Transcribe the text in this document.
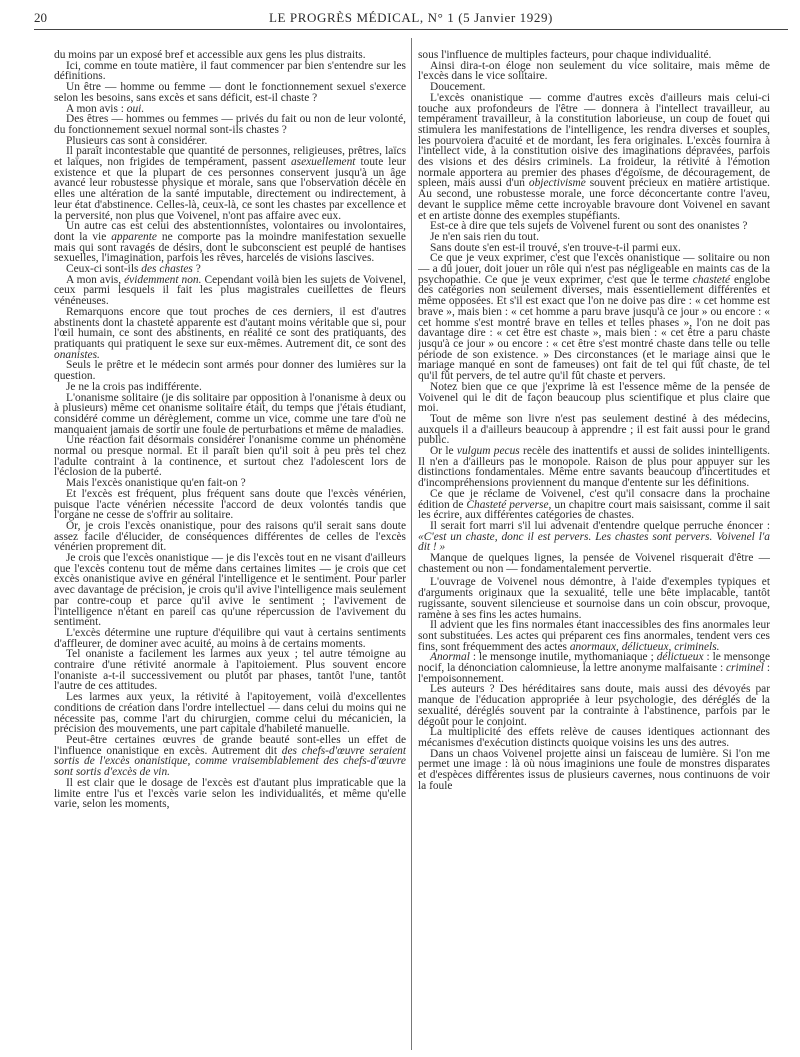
20	LE PROGRÈS MÉDICAL, N° 1 (5 Janvier 1929)

du moins par un exposé bref et accessible aux gens les plus distraits.

Ici, comme en toute matière, il faut commencer par bien s'entendre sur les définitions.

Un être — homme ou femme — dont le fonctionnement sexuel s'exerce selon les besoins, sans excès et sans déficit, est-il chaste ?

A mon avis : oui.

Des êtres — hommes ou femmes — privés du fait ou non de leur volonté, du fonctionnement sexuel normal sont-ils chastes ?

Plusieurs cas sont à considérer.

Il paraît incontestable que quantité de personnes, religieuses, prêtres, laïcs et laïques, non frigides de tempérament, passent asexuellement toute leur existence et que la plupart de ces personnes conservent jusqu'à un âge avancé leur robustesse physique et morale, sans que l'observation décèle en elles une altération de la santé imputable, directement ou indirectement, à leur état d'abstinence. Celles-là, ceux-là, ce sont les chastes par excellence et la perversité, non plus que Voivenel, n'ont pas affaire avec eux.

Un autre cas est celui des abstentionnistes, volontaires ou involontaires, dont la vie apparente ne comporte pas la moindre manifestation sexuelle mais qui sont ravagés de désirs, dont le subconscient est peuplé de hantises sexuelles, l'imagination, parfois les rêves, harcelés de visions lascives.

Ceux-ci sont-ils des chastes ?

A mon avis, évidemment non. Cependant voilà bien les sujets de Voivenel, ceux parmi lesquels il fait les plus magistrales cueillettes de fleurs vénéneuses.

Remarquons encore que tout proches de ces derniers, il est d'autres abstinents dont la chasteté apparente est d'autant moins véritable que si, pour l'œil humain, ce sont des abstinents, en réalité ce sont des pratiquants, des pratiquants qui pratiquent le sexe sur eux-mêmes. Autrement dit, ce sont des onanistes.

Seuls le prêtre et le médecin sont armés pour donner des lumières sur la question.

Je ne la crois pas indifférente.

L'onanisme solitaire (je dis solitaire par opposition à l'onanisme à deux ou à plusieurs) même cet onanisme solitaire était, du temps que j'étais étudiant, considéré comme un dérèglement, comme un vice, comme une tare d'où ne manquaient jamais de sortir une foule de perturbations et même de maladies.

Une réaction fait désormais considérer l'onanisme comme un phénomène normal ou presque normal. Et il paraît bien qu'il soit à peu près tel chez l'adulte contraint à la continence, et surtout chez l'adolescent lors de l'éclosion de la puberté.

Mais l'excès onanistique qu'en fait-on ?

Et l'excès est fréquent, plus fréquent sans doute que l'excès vénérien, puisque l'acte vénérien nécessite l'accord de deux volontés tandis que l'organe ne cesse de s'offrir au solitaire.

Or, je crois l'excès onanistique, pour des raisons qu'il serait sans doute assez facile d'élucider, de conséquences différentes de celles de l'excès vénérien proprement dit.

Je crois que l'excès onanistique — je dis l'excès tout en ne visant d'ailleurs que l'excès contenu tout de même dans certaines limites — je crois que cet excès onanistique avive en général l'intelligence et le sentiment. Pour parler avec davantage de précision, je crois qu'il avive l'intelligence mais seulement par contre-coup et parce qu'il avive le sentiment ; l'avivement de l'intelligence n'étant en pareil cas qu'une répercussion de l'avivement du sentiment.

L'excès détermine une rupture d'équilibre qui vaut à certains sentiments d'affleurer, de dominer avec acuité, au moins à de certains moments.

Tel onaniste a facilement les larmes aux yeux ; tel autre témoigne au contraire d'une rétivité anormale à l'apitoiement. Plus souvent encore l'onaniste a-t-il successivement ou plutôt par phases, tantôt l'une, tantôt l'autre de ces attitudes.

Les larmes aux yeux, la rétivité à l'apitoyement, voilà d'excellentes conditions de création dans l'ordre intellectuel — dans celui du moins qui ne nécessite pas, comme l'art du chirurgien, comme celui du mécanicien, la précision des mouvements, une part capitale d'habileté manuelle.

Peut-être certaines œuvres de grande beauté sont-elles un effet de l'influence onanistique en excès. Autrement dit des chefs-d'œuvre seraient sortis de l'excès onanistique, comme vraisemblablement des chefs-d'œuvre sont sortis d'excès de vin.

Il est clair que le dosage de l'excès est d'autant plus impraticable que la limite entre l'us et l'excès varie selon les individualités, et même qu'elle varie, selon les moments,

sous l'influence de multiples facteurs, pour chaque individualité.

Ainsi dira-t-on éloge non seulement du vice solitaire, mais même de l'excès dans le vice solitaire.

Doucement.

L'excès onanistique — comme d'autres excès d'ailleurs mais celui-ci touche aux profondeurs de l'être — donnera à l'intellect travailleur, au tempérament travailleur, à la constitution laborieuse, un coup de fouet qui stimulera les manifestations de l'intelligence, les rendra diverses et souples, les pourvoiera d'acuité et de mordant, les fera originales. L'excès fournira à l'intellect vide, à la constitution oisive des imaginations dépravées, parfois des visions et des désirs criminels. La froideur, la rétivité à l'émotion normale apportera au premier des phases d'égoïsme, de découragement, de spleen, mais aussi d'un objectivisme souvent précieux en matière artistique. Au second, une robustesse morale, une force déconcertante contre l'aveu, devant le supplice même cette incroyable bravoure dont Voivenel en savant et en artiste donne des exemples stupéfiants.

Est-ce à dire que tels sujets de Voivenel furent ou sont des onanistes ?

Je n'en sais rien du tout.

Sans doute s'en est-il trouvé, s'en trouve-t-il parmi eux.

Ce que je veux exprimer, c'est que l'excès onanistique — solitaire ou non — a dû jouer, doit jouer un rôle qui n'est pas négligeable en maints cas de la psychopathie. Ce que je veux exprimer, c'est que le terme chasteté englobe des catégories non seulement diverses, mais essentiellement différentes et même opposées. Et s'il est exact que l'on ne doive pas dire : « cet homme est brave », mais bien : « cet homme a paru brave jusqu'à ce jour » ou encore : « cet homme s'est montré brave en telles et telles phases », l'on ne doit pas davantage dire : « cet être est chaste », mais bien : « cet être a paru chaste jusqu'à ce jour » ou encore : « cet être s'est montré chaste dans telle ou telle période de son existence. » Des circonstances (et le mariage ainsi que le mariage manqué en sont de fameuses) ont fait de tel qui fût chaste, de tel qu'il fût pervers, de tel autre qu'il fût chaste et pervers.

Notez bien que ce que j'exprime là est l'essence même de la pensée de Voivenel qui le dit de façon beaucoup plus scientifique et plus claire que moi.

Tout de même son livre n'est pas seulement destiné à des médecins, auxquels il a d'ailleurs beaucoup à apprendre ; il est fait aussi pour le grand public.

Or le vulgum pecus recèle des inattentifs et aussi de solides inintelligents. Il n'en a d'ailleurs pas le monopole. Raison de plus pour appuyer sur les distinctions fondamentales. Même entre savants beaucoup d'incertitudes et d'incompréhensions proviennent du manque d'entente sur les définitions.

Ce que je réclame de Voivenel, c'est qu'il consacre dans la prochaine édition de Chasteté perverse, un chapitre court mais saisissant, comme il sait les écrire, aux différentes catégories de chastes.

Il serait fort marri s'il lui advenait d'entendre quelque perruche énoncer : «C'est un chaste, donc il est pervers. Les chastes sont pervers. Voivenel l'a dit ! »

Manque de quelques lignes, la pensée de Voivenel risquerait d'être — chastement ou non — fondamentalement pervertie.

L'ouvrage de Voivenel nous démontre, à l'aide d'exemples typiques et d'arguments originaux que la sexualité, telle une bête implacable, tantôt rugissante, souvent silencieuse et sournoise dans un coin obscur, provoque, ramène à ses fins les actes humains.

Il advient que les fins normales étant inaccessibles des fins anormales leur sont substituées. Les actes qui préparent ces fins anormales, tendent vers ces fins, sont fréquemment des actes anormaux, délictueux, criminels.

Anormal : le mensonge inutile, mythomaniaque ; délictueux : le mensonge nocif, la dénonciation calomnieuse, la lettre anonyme malfaisante : criminel : l'empoisonnement.

Les auteurs ? Des héréditaires sans doute, mais aussi des dévoyés par manque de l'éducation appropriée à leur psychologie, des déréglés de la sexualité, déréglés souvent par la contrainte à l'abstinence, parfois par le dégoût pour le conjoint.

La multiplicité des effets relève de causes identiques actionnant des mécanismes d'exécution distincts quoique voisins les uns des autres.

Dans un chaos Voivenel projette ainsi un faisceau de lumière. Si l'on me permet une image : là où nous imaginions une foule de monstres disparates et d'espèces différentes issus de plusieurs cavernes, nous continuons de voir la foule
